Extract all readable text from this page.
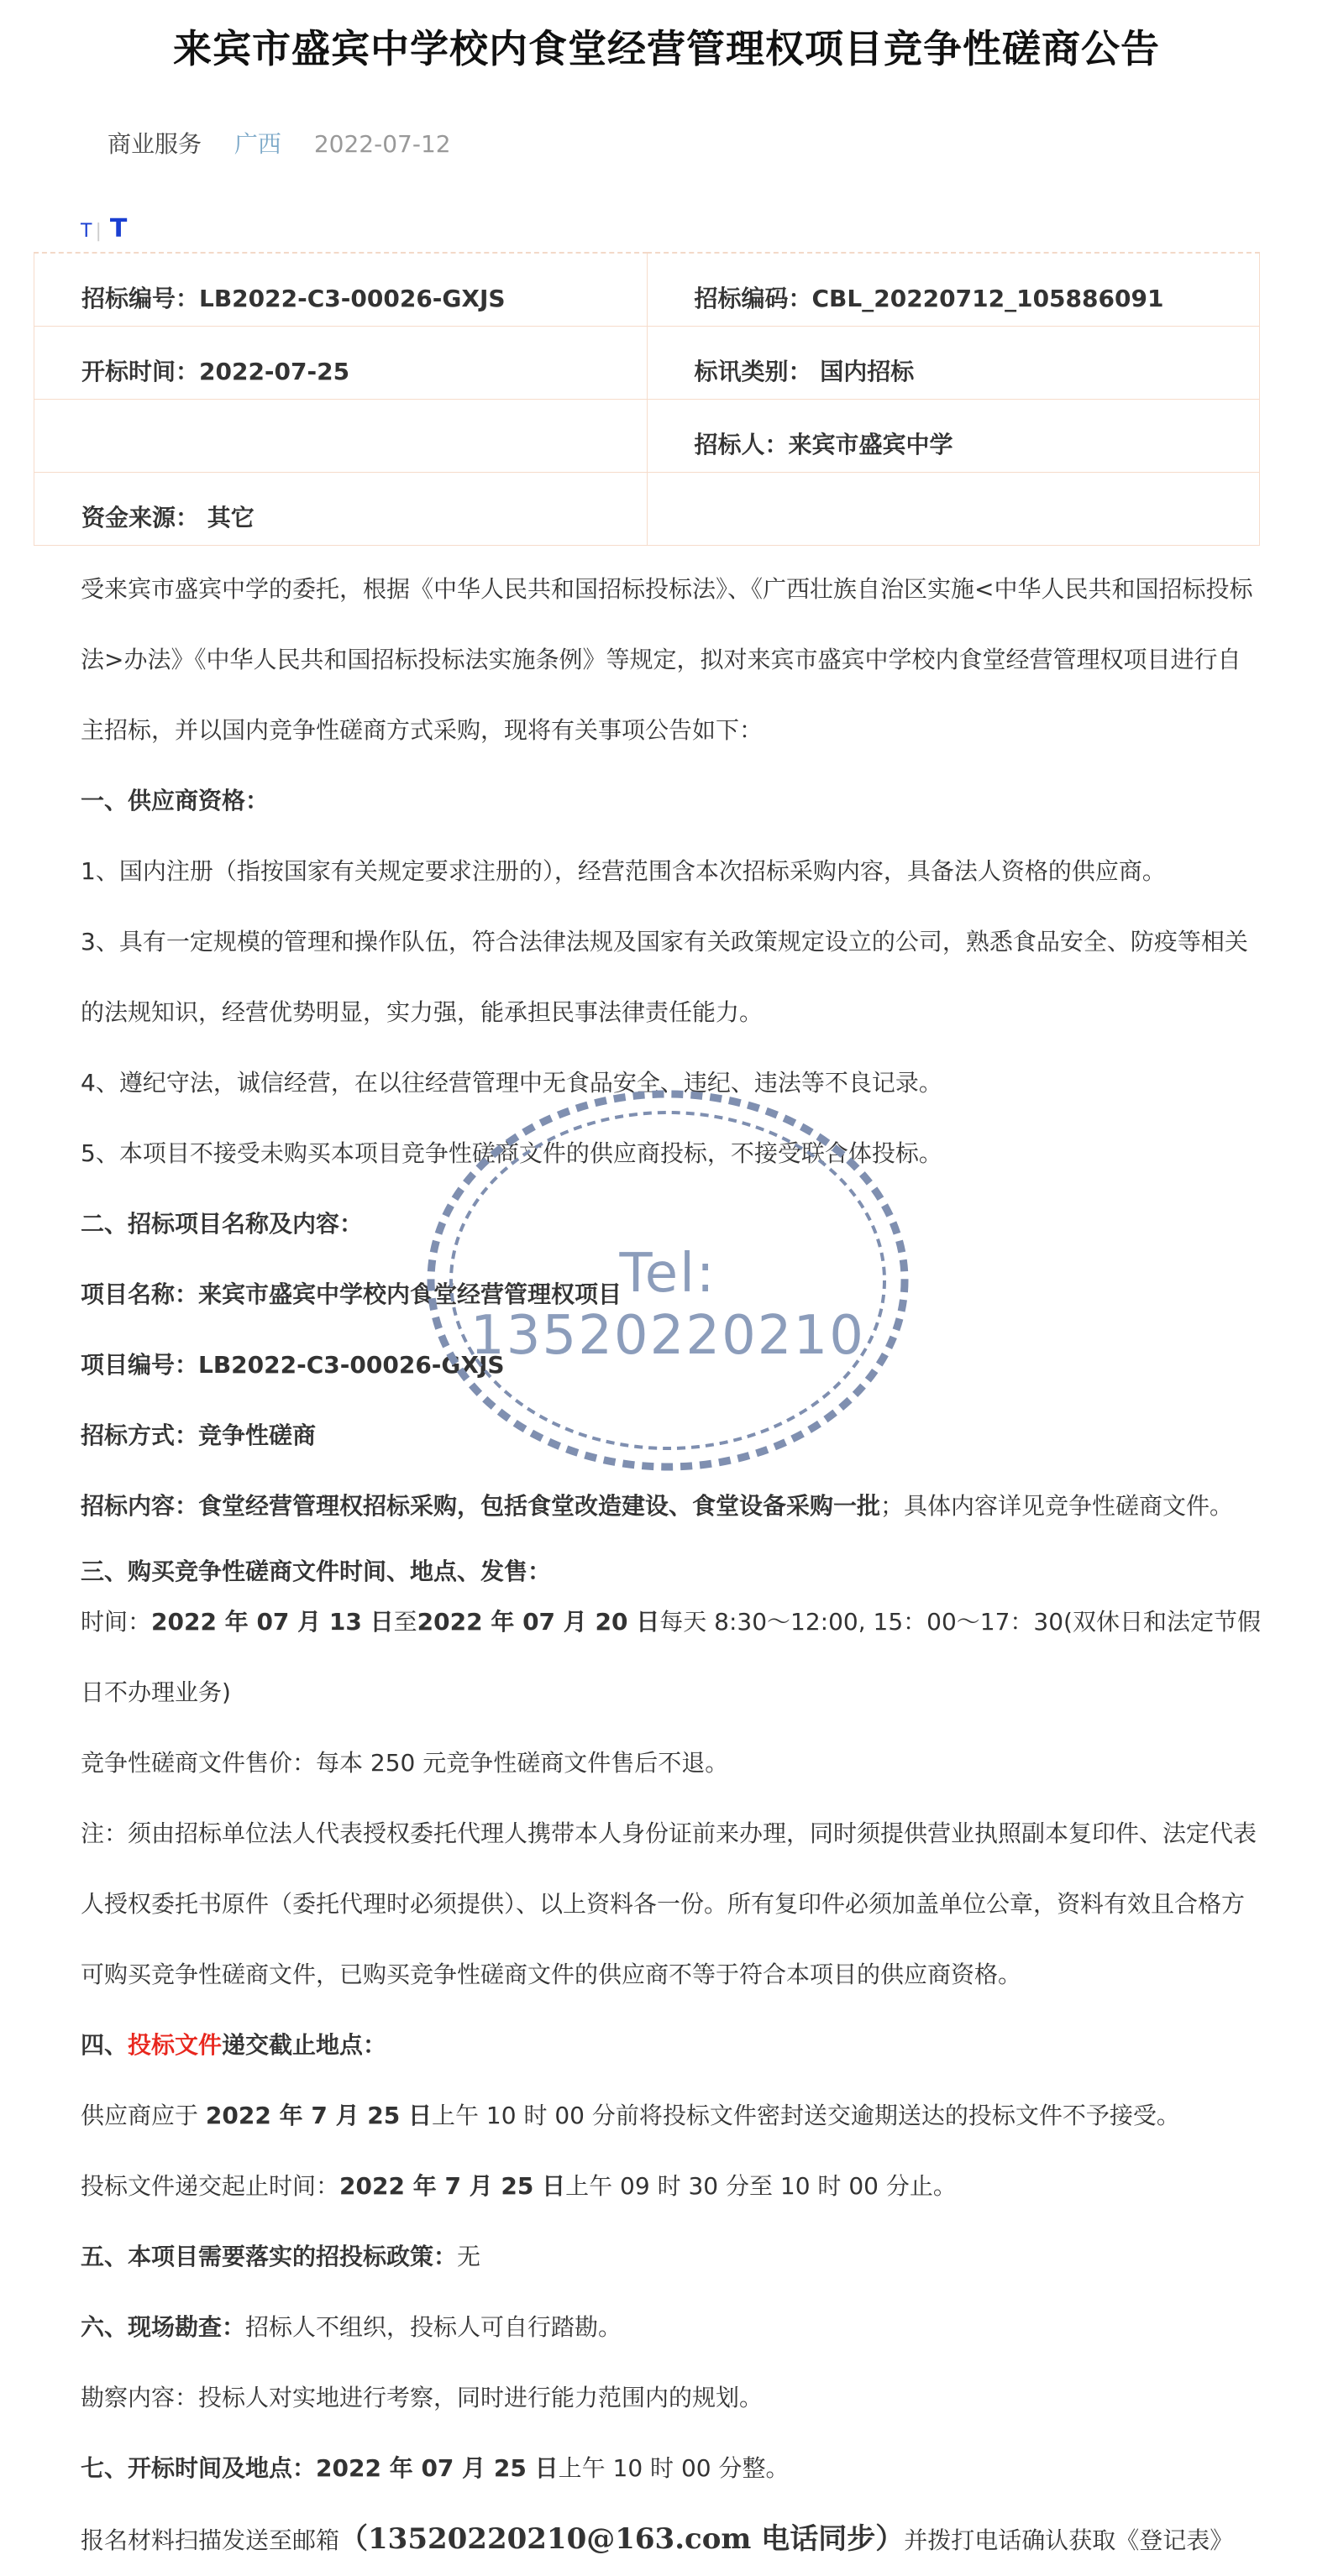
来宾市盛宾中学校内食堂经营管理权项目竞争性磋商公告
商业服务 广西 2022-07-12
T | T
招标编号：LB2022-C3-00026-GXJS	招标编码：CBL_20220712_105886091
开标时间：2022-07-25	标讯类别： 国内招标
	招标人：来宾市盛宾中学
资金来源： 其它	

受来宾市盛宾中学的委托，根据《中华人民共和国招标投标法》、《广西壮族自治区实施<中华人民共和国招标投标法>办法》《中华人民共和国招标投标法实施条例》等规定，拟对来宾市盛宾中学校内食堂经营管理权项目进行自主招标，并以国内竞争性磋商方式采购，现将有关事项公告如下：

一、供应商资格：

1、国内注册（指按国家有关规定要求注册的），经营范围含本次招标采购内容，具备法人资格的供应商。

3、具有一定规模的管理和操作队伍，符合法律法规及国家有关政策规定设立的公司，熟悉食品安全、防疫等相关的法规知识，经营优势明显，实力强，能承担民事法律责任能力。

4、遵纪守法，诚信经营，在以往经营管理中无食品安全、违纪、违法等不良记录。

5、本项目不接受未购买本项目竞争性磋商文件的供应商投标，不接受联合体投标。

二、招标项目名称及内容：

项目名称：来宾市盛宾中学校内食堂经营管理权项目

项目编号：LB2022-C3-00026-GXJS

招标方式：竞争性磋商

招标内容：食堂经营管理权招标采购，包括食堂改造建设、食堂设备采购一批；具体内容详见竞争性磋商文件。

三、购买竞争性磋商文件时间、地点、发售：

时间：2022 年 07 月 13 日至2022 年 07 月 20 日每天 8:30～12:00, 15：00～17：30(双休日和法定节假日不办理业务)

竞争性磋商文件售价：每本 250 元竞争性磋商文件售后不退。

注：须由招标单位法人代表授权委托代理人携带本人身份证前来办理，同时须提供营业执照副本复印件、法定代表人授权委托书原件（委托代理时必须提供）、以上资料各一份。所有复印件必须加盖单位公章，资料有效且合格方可购买竞争性磋商文件，已购买竞争性磋商文件的供应商不等于符合本项目的供应商资格。

四、投标文件递交截止地点：

供应商应于 2022 年 7 月 25 日上午 10 时 00 分前将投标文件密封送交逾期送达的投标文件不予接受。

投标文件递交起止时间：2022 年 7 月 25 日上午 09 时 30 分至 10 时 00 分止。

五、本项目需要落实的招投标政策：无

六、现场勘查：招标人不组织，投标人可自行踏勘。

勘察内容：投标人对实地进行考察，同时进行能力范围内的规划。

七、开标时间及地点：2022 年 07 月 25 日上午 10 时 00 分整。

报名材料扫描发送至邮箱（13520220210@163.com 电话同步）并拨打电话确认获取《登记表》

Tel: 13520220210
